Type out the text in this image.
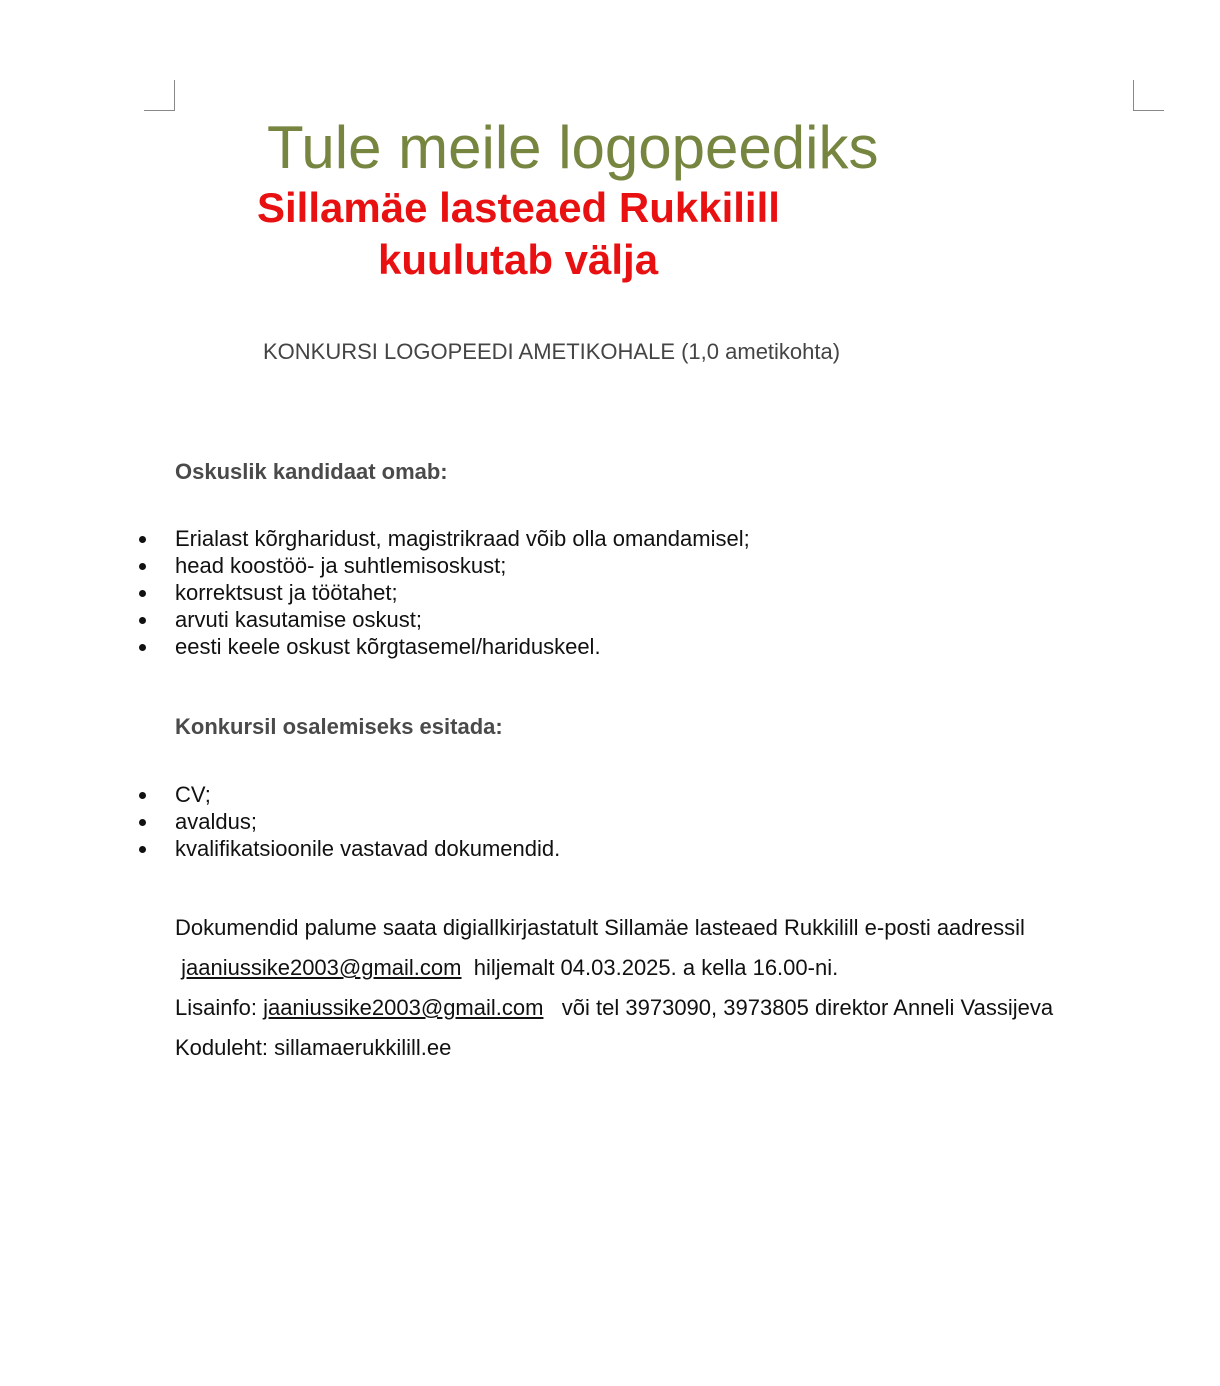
Tule meile logopeediks
Sillamäe lasteaed Rukkilill
kuulutab välja
KONKURSI LOGOPEEDI AMETIKOHALE (1,0 ametikohta)
Oskuslik kandidaat omab:
Erialast kõrgharidust, magistrikraad võib olla omandamisel;
head koostöö- ja suhtlemisoskust;
korrektsust ja töötahet;
arvuti kasutamise oskust;
eesti keele oskust kõrgtasemel/hariduskeel.
Konkursil osalemiseks esitada:
CV;
avaldus;
kvalifikatsioonile vastavad dokumendid.
Dokumendid palume saata digiallkirjastatult Sillamäe lasteaed Rukkilill e-posti aadressil
jaaniussike2003@gmail.com hiljemalt 04.03.2025. a kella 16.00-ni.
Lisainfo: jaaniussike2003@gmail.com või tel 3973090, 3973805 direktor Anneli Vassijeva
Koduleht: sillamaerukkilill.ee
